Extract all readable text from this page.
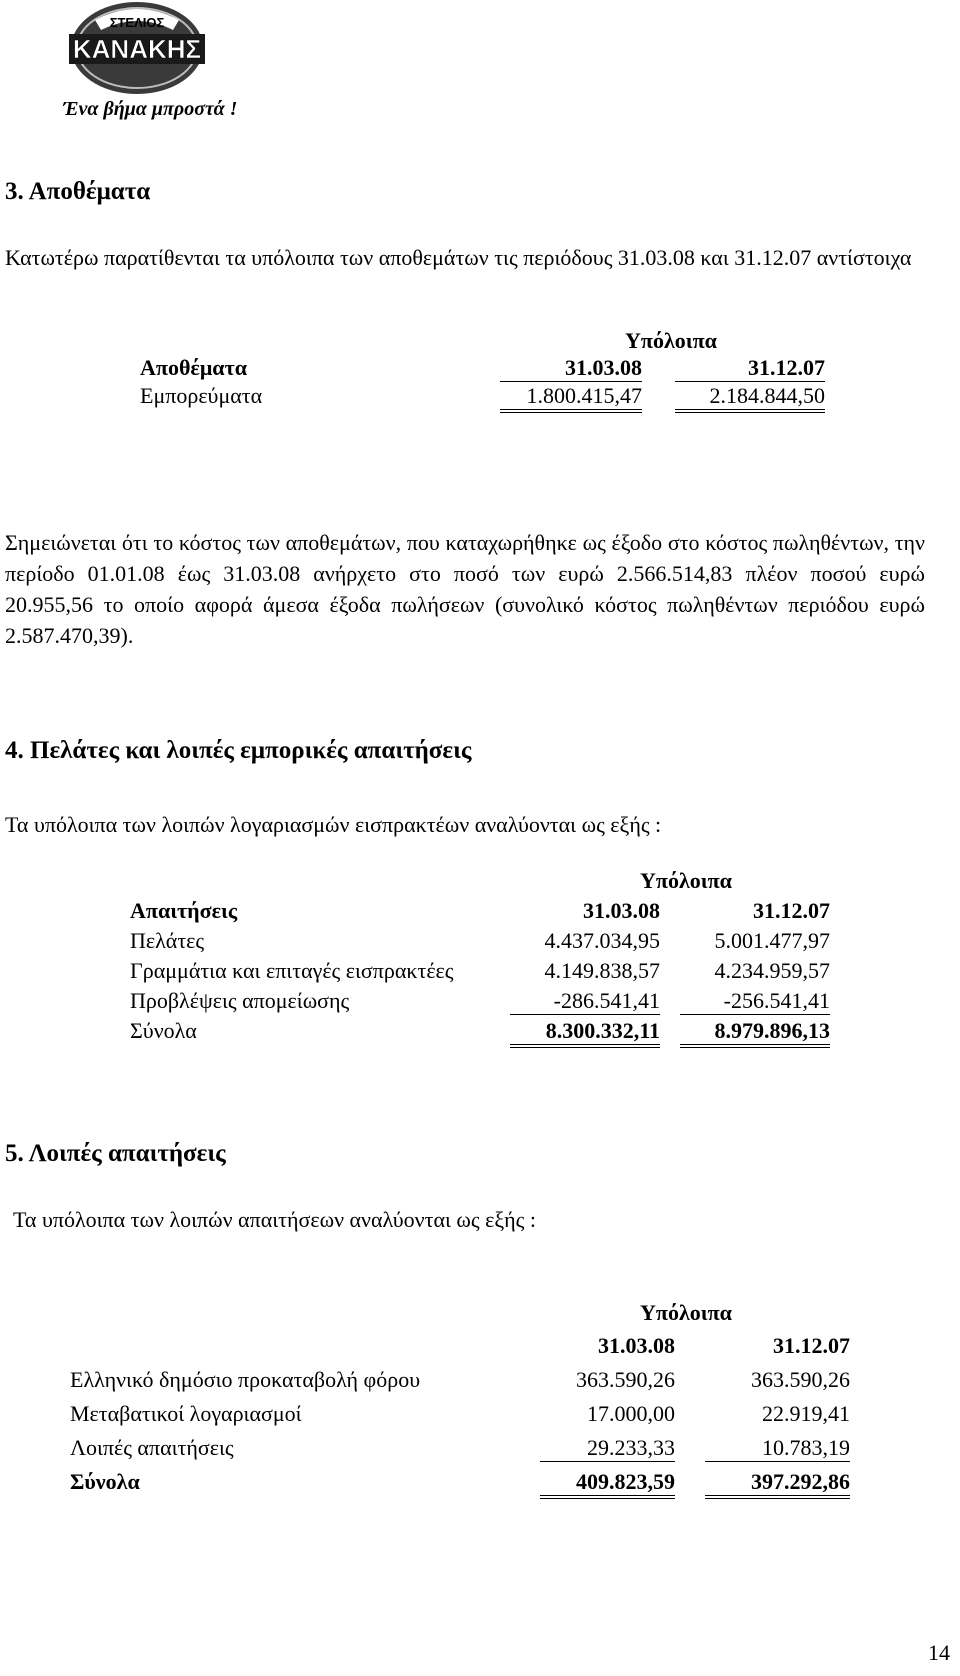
ΣΤΕΛΙΟΣ
ΚΑΝΑΚΗΣ
Ένα βήμα μπροστά !
3. Αποθέματα
Κατωτέρω παρατίθενται τα υπόλοιπα των αποθεμάτων τις περιόδους 31.03.08 και 31.12.07 αντίστοιχα
Υπόλοιπα
Αποθέματα	31.03.08	31.12.07
Εμπορεύματα	1.800.415,47	2.184.844,50
Σημειώνεται ότι το κόστος των αποθεμάτων, που καταχωρήθηκε ως έξοδο στο κόστος πωληθέντων, την περίοδο 01.01.08 έως 31.03.08 ανήρχετο στο ποσό των ευρώ 2.566.514,83 πλέον ποσού ευρώ 20.955,56 το οποίο αφορά άμεσα έξοδα πωλήσεων (συνολικό κόστος πωληθέντων περιόδου ευρώ 2.587.470,39).
4. Πελάτες και λοιπές εμπορικές απαιτήσεις
Τα υπόλοιπα των λοιπών λογαριασμών εισπρακτέων αναλύονται ως εξής :
Υπόλοιπα
Απαιτήσεις	31.03.08	31.12.07
Πελάτες	4.437.034,95	5.001.477,97
Γραμμάτια και επιταγές εισπρακτέες	4.149.838,57	4.234.959,57
Προβλέψεις απομείωσης	-286.541,41	-256.541,41
Σύνολα	8.300.332,11	8.979.896,13
5. Λοιπές απαιτήσεις
Τα υπόλοιπα των λοιπών απαιτήσεων αναλύονται ως εξής :
Υπόλοιπα
31.03.08	31.12.07
Ελληνικό δημόσιο προκαταβολή φόρου	363.590,26	363.590,26
Μεταβατικοί λογαριασμοί	17.000,00	22.919,41
Λοιπές απαιτήσεις	29.233,33	10.783,19
Σύνολα	409.823,59	397.292,86
14
